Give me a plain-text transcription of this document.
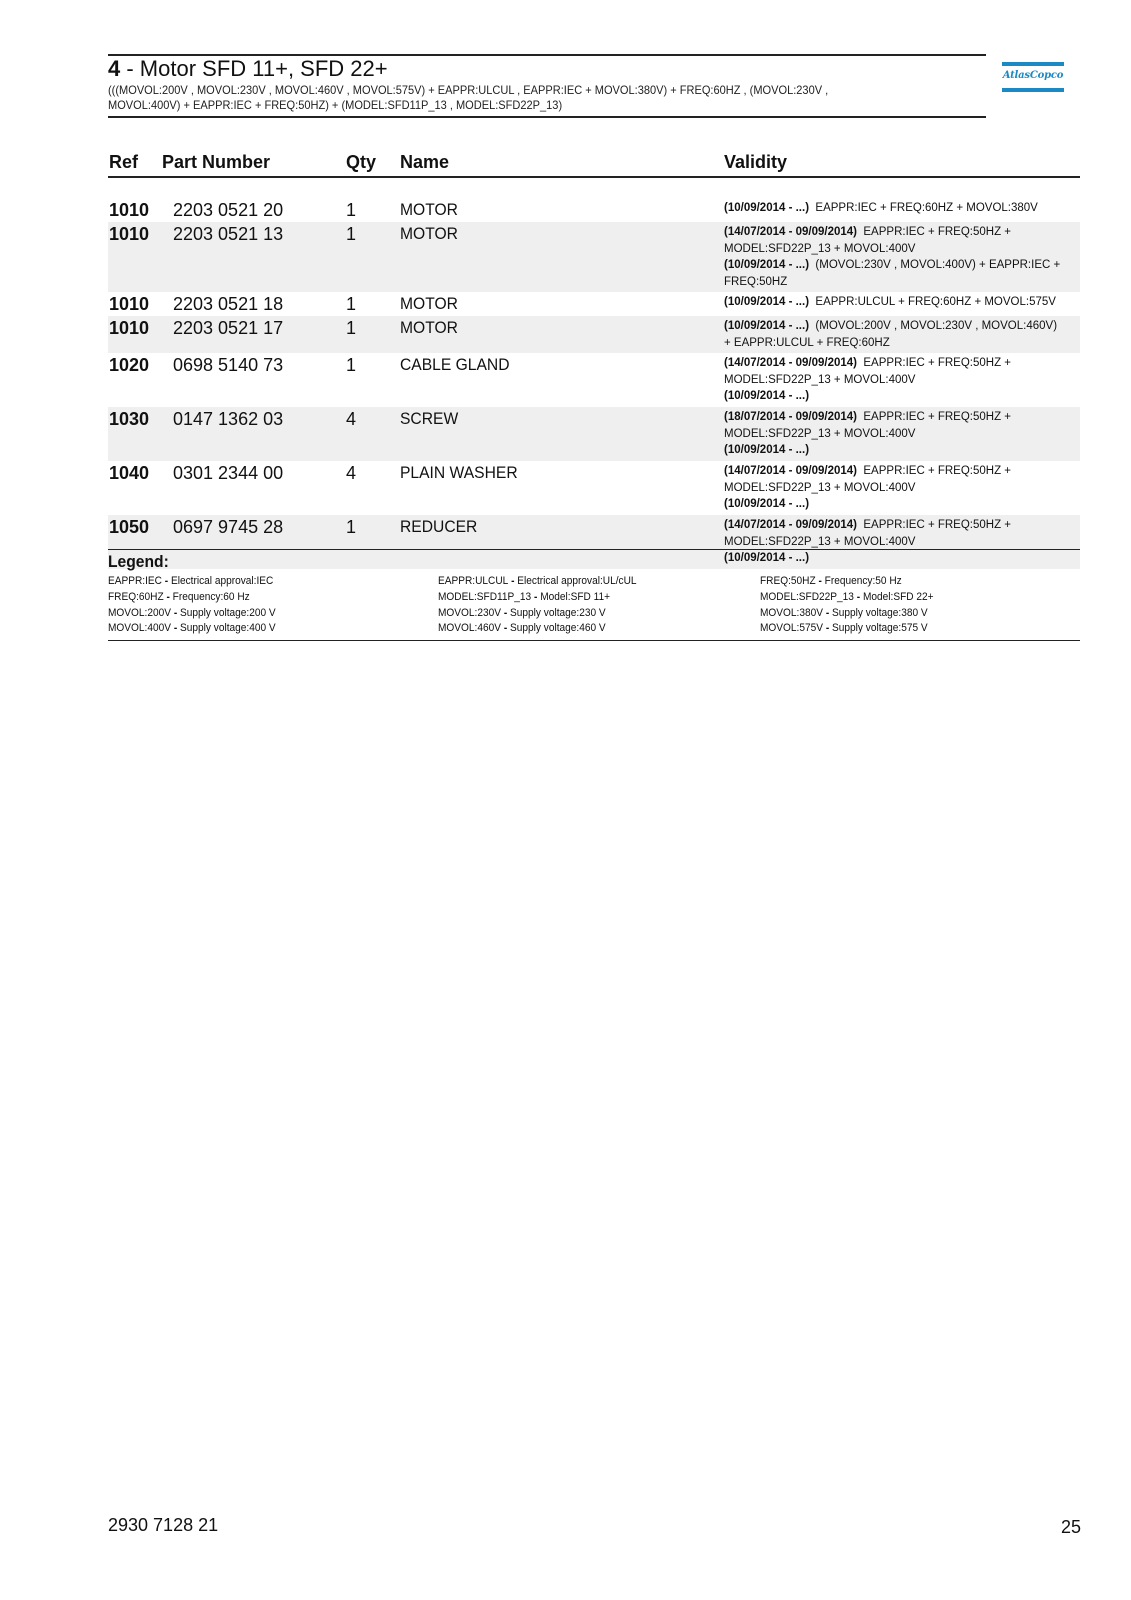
4 - Motor SFD 11+, SFD 22+
(((MOVOL:200V , MOVOL:230V , MOVOL:460V , MOVOL:575V) + EAPPR:ULCUL , EAPPR:IEC + MOVOL:380V) + FREQ:60HZ , (MOVOL:230V , MOVOL:400V) + EAPPR:IEC + FREQ:50HZ) + (MODEL:SFD11P_13 , MODEL:SFD22P_13)
AtlasCopco
Ref Part Number	Qty Name	Validity
1010 2203 0521 20	1	MOTOR	(10/09/2014 - ...) EAPPR:IEC + FREQ:60HZ + MOVOL:380V
1010 2203 0521 13	1	MOTOR	(14/07/2014 - 09/09/2014) EAPPR:IEC + FREQ:50HZ + MODEL:SFD22P_13 + MOVOL:400V
(10/09/2014 - ...) (MOVOL:230V , MOVOL:400V) + EAPPR:IEC + FREQ:50HZ
1010 2203 0521 18	1	MOTOR	(10/09/2014 - ...) EAPPR:ULCUL + FREQ:60HZ + MOVOL:575V
1010 2203 0521 17	1	MOTOR	(10/09/2014 - ...) (MOVOL:200V , MOVOL:230V , MOVOL:460V) + EAPPR:ULCUL + FREQ:60HZ
1020 0698 5140 73	1	CABLE GLAND	(14/07/2014 - 09/09/2014) EAPPR:IEC + FREQ:50HZ + MODEL:SFD22P_13 + MOVOL:400V
(10/09/2014 - ...)
1030 0147 1362 03	4	SCREW	(18/07/2014 - 09/09/2014) EAPPR:IEC + FREQ:50HZ + MODEL:SFD22P_13 + MOVOL:400V
(10/09/2014 - ...)
1040 0301 2344 00	4	PLAIN WASHER	(14/07/2014 - 09/09/2014) EAPPR:IEC + FREQ:50HZ + MODEL:SFD22P_13 + MOVOL:400V
(10/09/2014 - ...)
1050 0697 9745 28	1	REDUCER	(14/07/2014 - 09/09/2014) EAPPR:IEC + FREQ:50HZ + MODEL:SFD22P_13 + MOVOL:400V
(10/09/2014 - ...)
Legend:
EAPPR:IEC - Electrical approval:IEC
FREQ:60HZ - Frequency:60 Hz
MOVOL:200V - Supply voltage:200 V
MOVOL:400V - Supply voltage:400 V
EAPPR:ULCUL - Electrical approval:UL/cUL
MODEL:SFD11P_13 - Model:SFD 11+
MOVOL:230V - Supply voltage:230 V
MOVOL:460V - Supply voltage:460 V
FREQ:50HZ - Frequency:50 Hz
MODEL:SFD22P_13 - Model:SFD 22+
MOVOL:380V - Supply voltage:380 V
MOVOL:575V - Supply voltage:575 V
2930 7128 21	25
